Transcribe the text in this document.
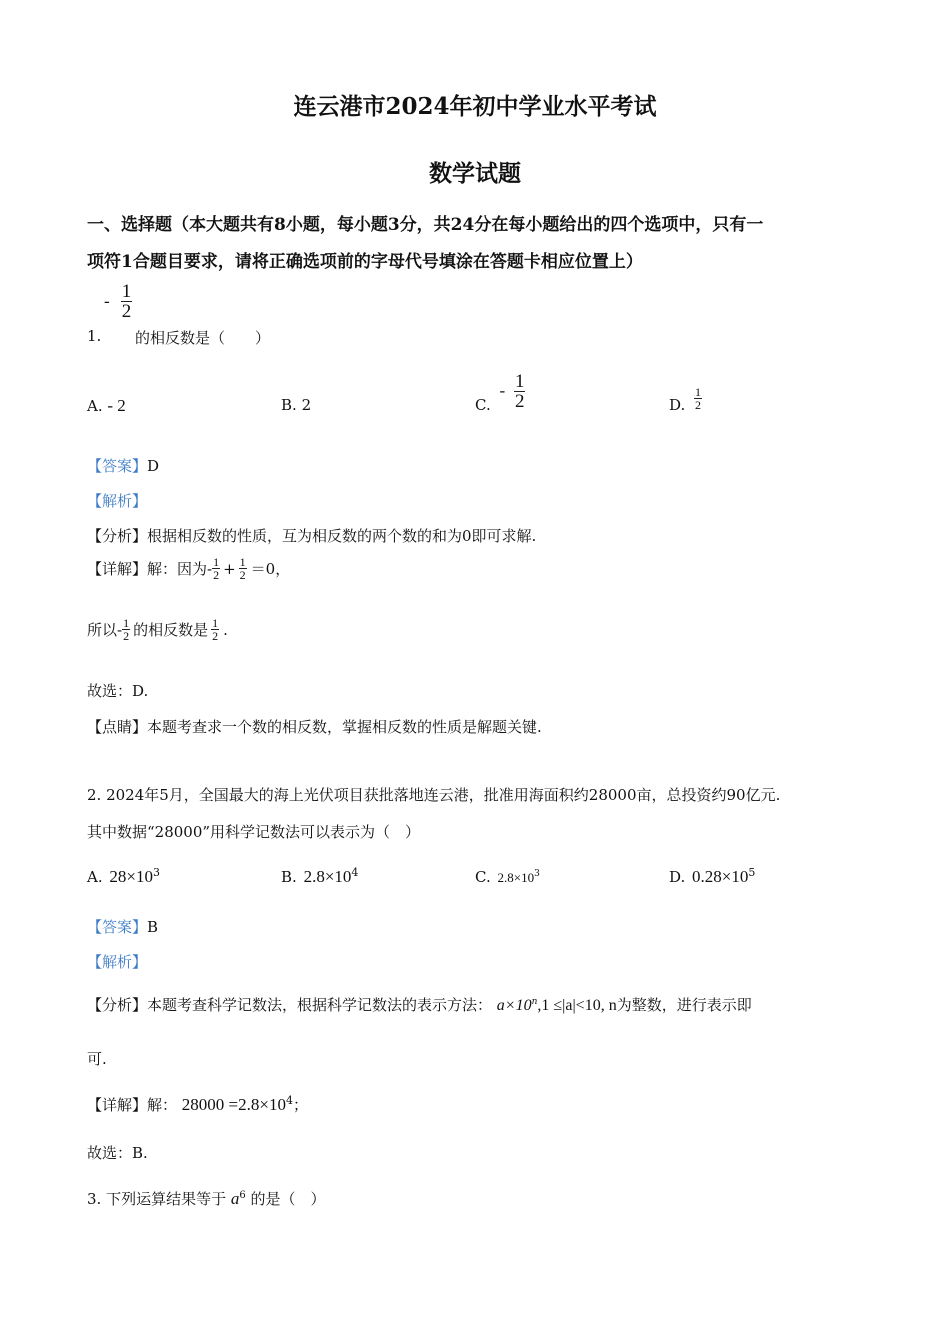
连云港市2024年初中学业水平考试
数学试题
一、选择题（本大题共有8小题，每小题3分，共24分在每小题给出的四个选项中，只有一
项符1合题目要求，请将正确选项前的字母代号填涂在答题卡相应位置上）
- $\frac{1}{2}$
1. 的相反数是（　　）
A. - 2	B. 2	C. - $\frac{1}{2}$	D. $\frac{1}{2}$
【答案】D
【解析】
【分析】根据相反数的性质，互为相反数的两个数的和为0即可求解.
【详解】解：因为- $\frac{1}{2} + \frac{1}{2} =0$，
所以- $\frac{1}{2}$ 的相反数是 $\frac{1}{2}$ .
故选：D.
【点睛】本题考查求一个数的相反数，掌握相反数的性质是解题关键.
2. 2024年5月，全国最大的海上光伏项目获批落地连云港，批准用海面积约28000亩，总投资约90亿元.
其中数据“28000”用科学记数法可以表示为（　）
A. $28\times 10^3$	B. $2.8\times 10^4$	C. $2.8\times 10^3$	D. $0.28\times 10^5$
【答案】B
【解析】
【分析】本题考查科学记数法，根据科学记数法的表示方法： $a\times 10^n,1 \le|a|<10$, n为整数，进行表示即
可.
【详解】解： $28000 =2.8\times 10^4$；
故选：B.
3. 下列运算结果等于 $a^6$ 的是（　）
